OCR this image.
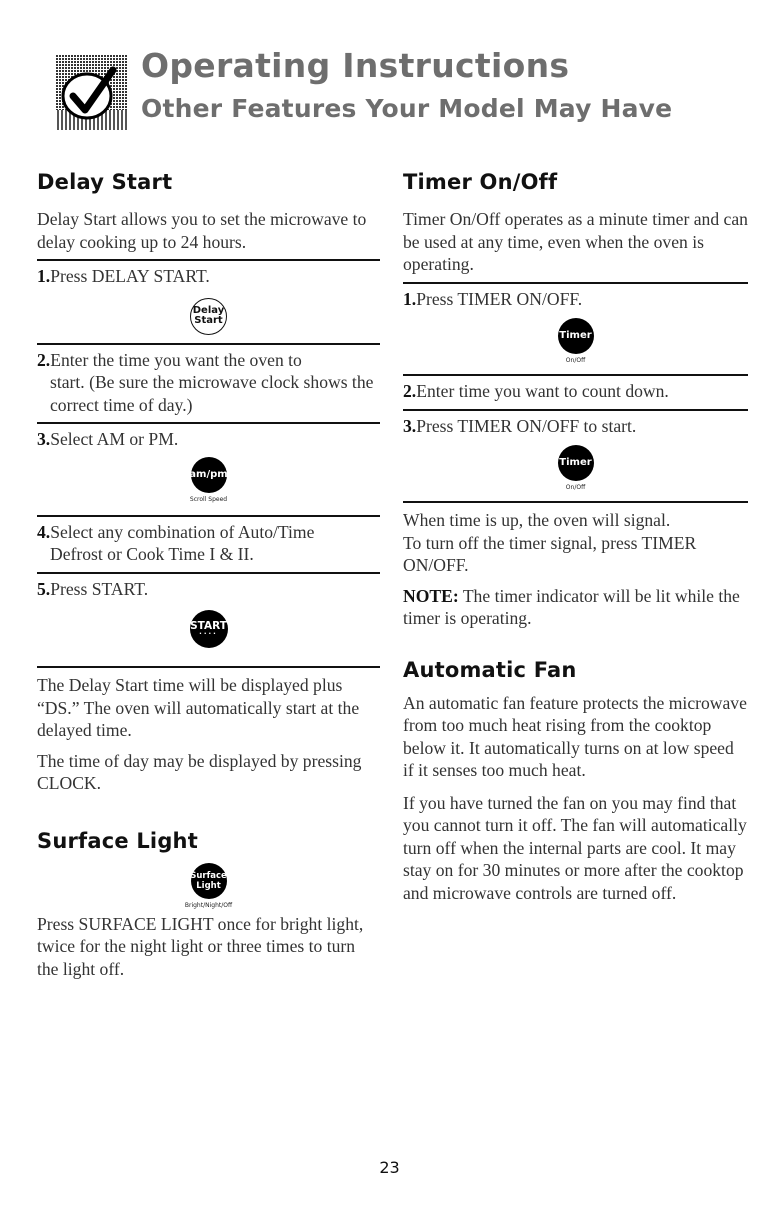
Operating Instructions
Other Features Your Model May Have
Delay Start

Delay Start allows you to set the microwave to delay cooking up to 24 hours.

1.Press DELAY START.
Delay
Start
2.Enter the time you want the oven to
start. (Be sure the microwave clock shows the correct time of day.)
3.Select AM or PM.
am/pm
Scroll Speed
4.Select any combination of Auto/Time
Defrost or Cook Time I & II.
5.Press START.
START
····

The Delay Start time will be displayed plus “DS.” The oven will automatically start at the delayed time.

The time of day may be displayed by pressing CLOCK.

Surface Light
Surface
Light
Bright/Night/Off

Press SURFACE LIGHT once for bright light, twice for the night light or three times to turn the light off.

Timer On/Off

Timer On/Off operates as a minute timer and can be used at any time, even when the oven is operating.

1.Press TIMER ON/OFF.
Timer
On/Off
2.Enter time you want to count down.
3.Press TIMER ON/OFF to start.
Timer
On/Off

When time is up, the oven will signal.

To turn off the timer signal, press TIMER ON/OFF.

NOTE: The timer indicator will be lit while the timer is operating.

Automatic Fan

An automatic fan feature protects the microwave from too much heat rising from the cooktop below it. It automatically turns on at low speed if it senses too much heat.

If you have turned the fan on you may find that you cannot turn it off. The fan will automatically turn off when the internal parts are cool. It may stay on for 30 minutes or more after the cooktop and microwave controls are turned off.

23
